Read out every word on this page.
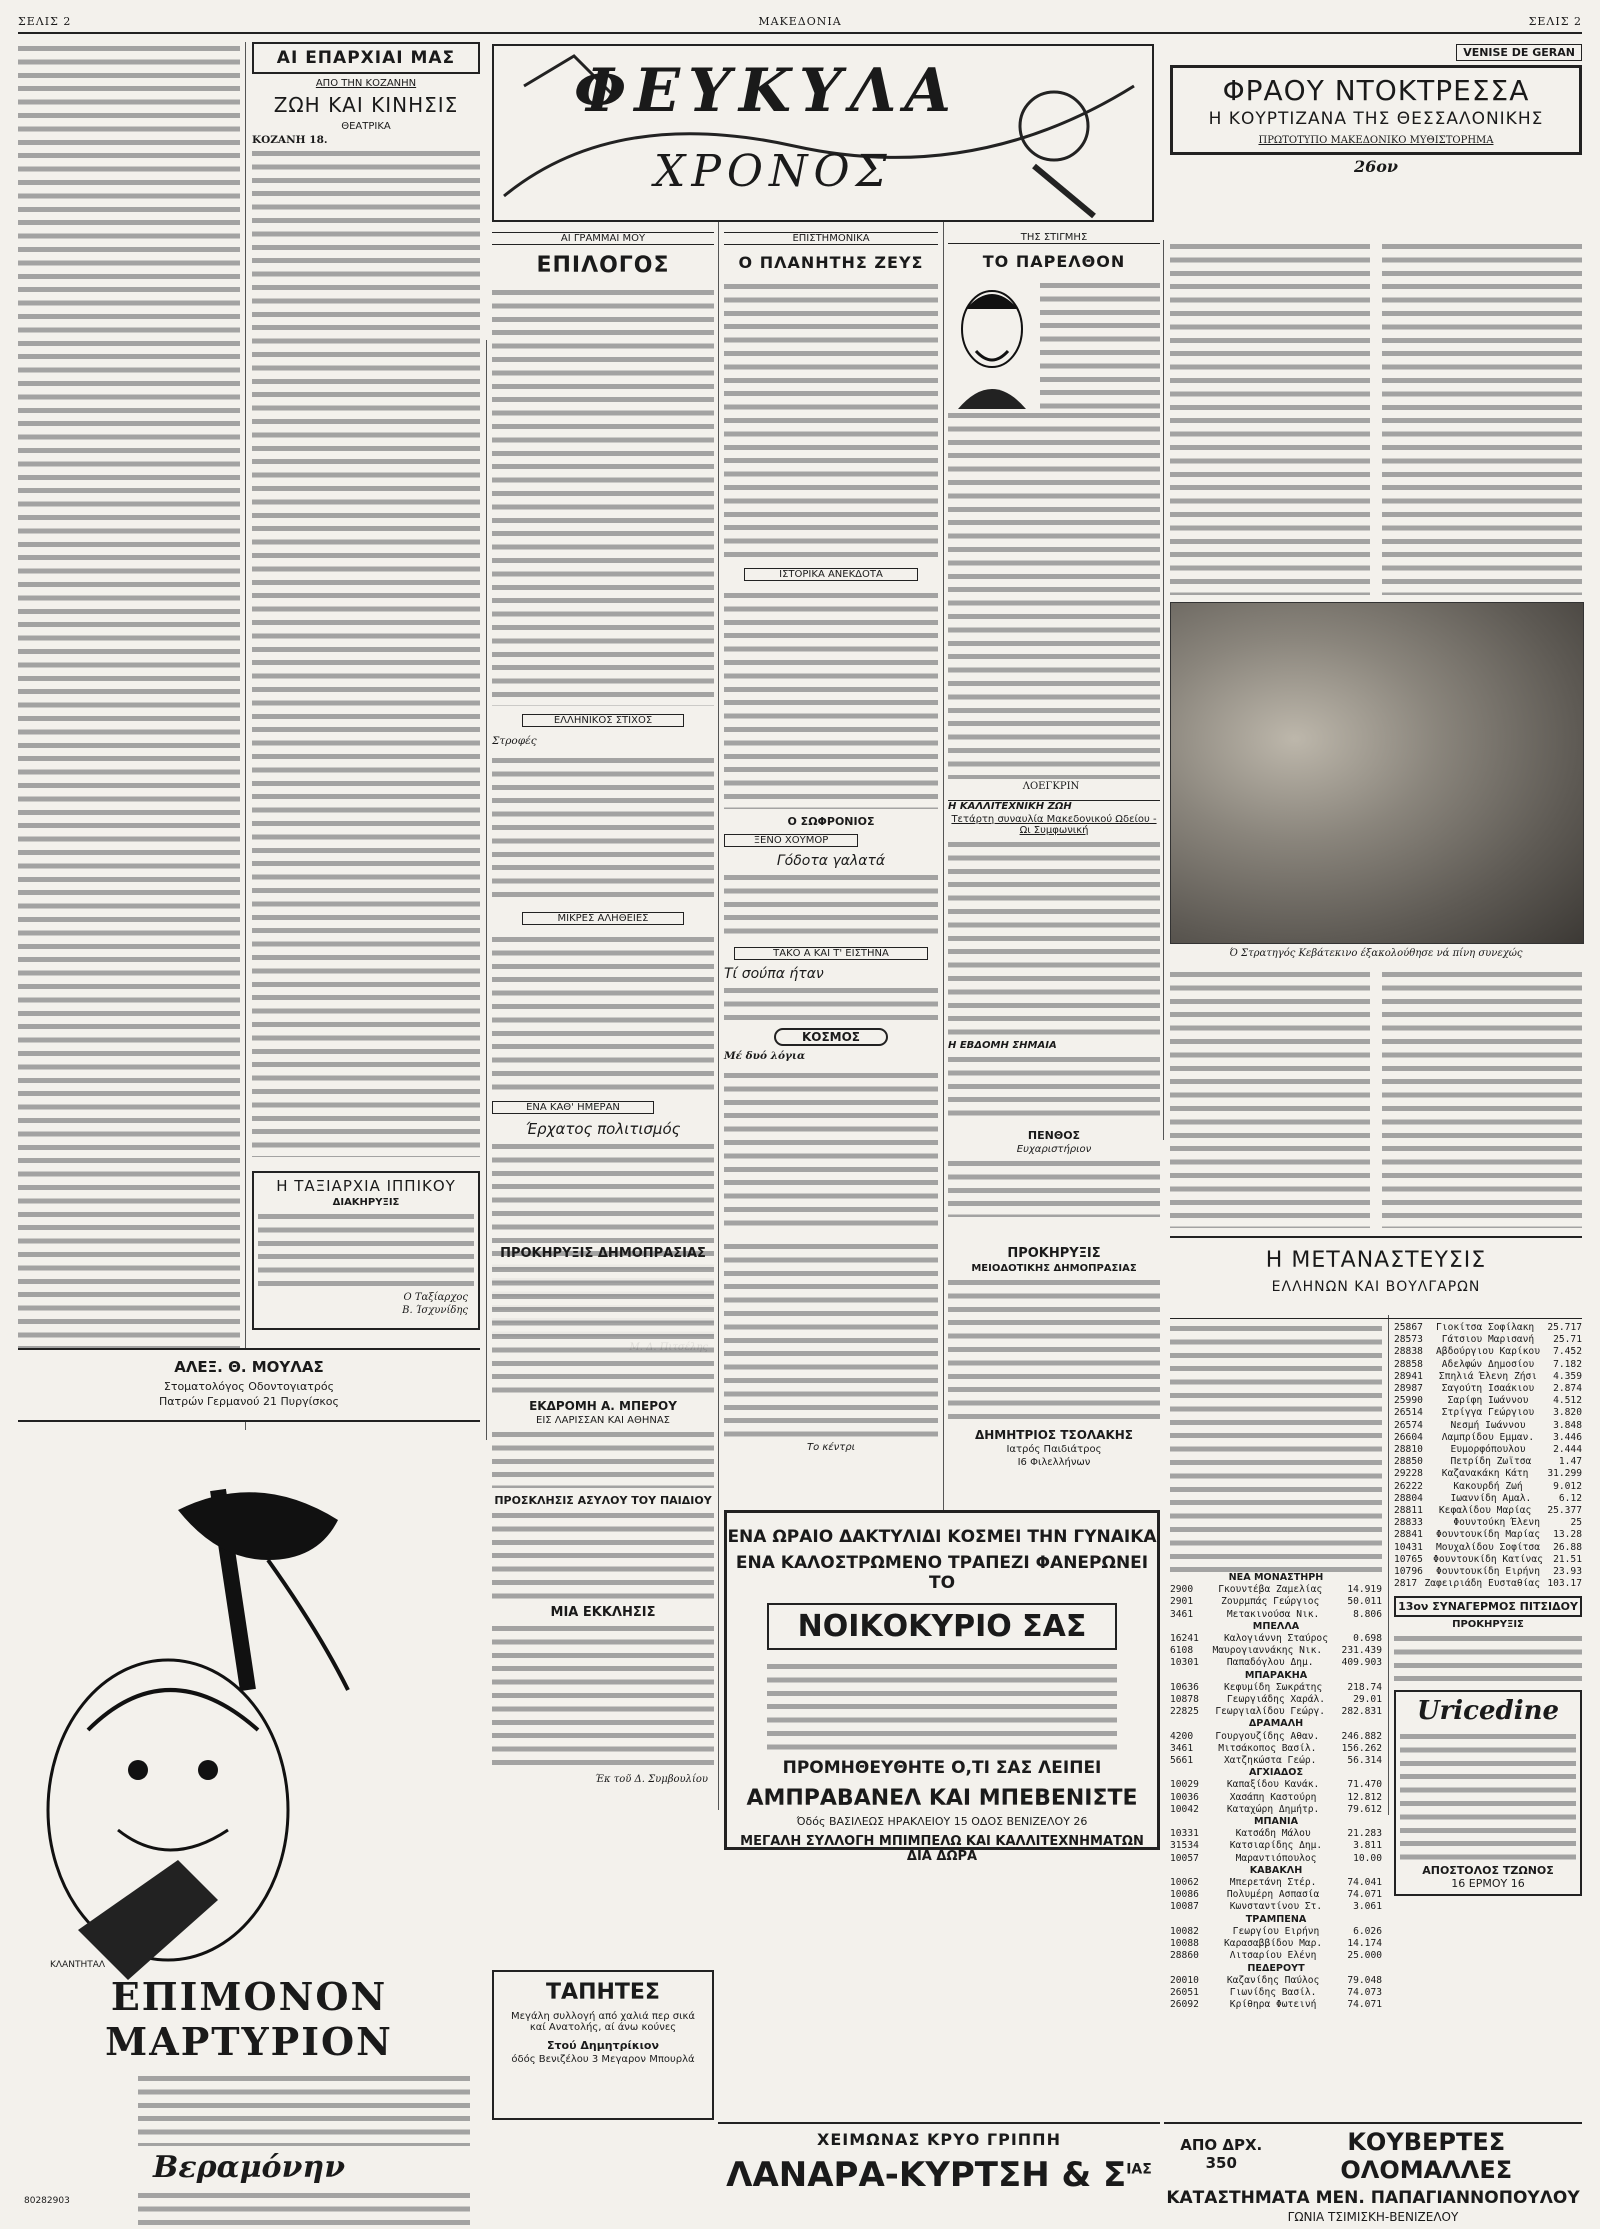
ΣΕΛΙΣ 2	ΜΑΚΕΔΟΝΙΑ	ΣΕΛΙΣ 2
ΑΙ ΕΠΑΡΧΙΑΙ ΜΑΣ
ΑΠΟ ΤΗΝ ΚΟΖΑΝΗΝ
ΖΩΗ ΚΑΙ ΚΙΝΗΣΙΣ
ΘΕΑΤΡΙΚΑ
ΚΟΖΑΝΗ 18.
Η ΤΑΞΙΑΡΧΙΑ ΙΠΠΙΚΟΥ
ΔΙΑΚΗΡΥΞΙΣ
Ο Ταξίαρχος
Β. Ίσχυνίδης
ΑΛΕΞ. Θ. ΜΟΥΛΑΣ
Στοματολόγος Οδοντογιατρός
Πατρών Γερμανού 21 Πυργίσκος
ΕΠΙΜΟΝΟΝ ΜΑΡΤΥΡΙΟΝ
Βεραμόνην
80282903
ΚΛΑΝΤΗΤΑΛ
ΦΕΥΚΥΛΑ
ΧΡΟΝΟΣ
ΑΙ ΓΡΑΜΜΑΙ ΜΟΥ
ΕΠΙΛΟΓΟΣ
ΕΛΛΗΝΙΚΟΣ ΣΤΙΧΟΣ
Στροφές
ΜΙΚΡΕΣ ΑΛΗΘΕΙΕΣ
ΕΝΑ ΚΑΘ' ΗΜΕΡΑΝ
Έρχατος πολιτισμός
ΠΡΟΚΗΡΥΞΙΣ ΔΗΜΟΠΡΑΣΙΑΣ
ΕΚΔΡΟΜΗ Α. ΜΠΕΡΟΥ
ΕΙΣ ΛΑΡΙΣΣΑΝ ΚΑΙ ΑΘΗΝΑΣ
ΠΡΟΣΚΛΗΣΙΣ ΑΣΥΛΟΥ ΤΟΥ ΠΑΙΔΙΟΥ
ΜΙΑ ΕΚΚΛΗΣΙΣ
Έκ τοῦ Δ. Συμβουλίου
ΤΑΠΗΤΕΣ
Μεγάλη συλλογή από χαλιά περ σικά καί Ανατολής, αί άνω κούνες
Στού Δημητρίκιον
όδός Βενιζέλου 3 Μεγαρον Μπουρλά
ΕΠΙΣΤΗΜΟΝΙΚΑ
Ο ΠΛΑΝΗΤΗΣ ΖΕΥΣ
ΙΣΤΟΡΙΚΑ ΑΝΕΚΔΟΤΑ
Ο ΣΩΦΡΟΝΙΟΣ
ΞΕΝΟ ΧΟΥΜΟΡ
Γόδοτα γαλατά
ΤΑΚΟ Α ΚΑΙ Τ' ΕΙΣΤΗΝΑ
Τί σούπα ήταν
ΚΟΣΜΟΣ
Μέ δυό λόγια
ΤΗΣ ΣΤΙΓΜΗΣ
ΤΟ ΠΑΡΕΛΘΟΝ
ΛΟΕΓΚΡΙΝ
Η ΚΑΛΛΙΤΕΧΝΙΚΗ ΖΩΗ
Τετάρτη συναυλία Μακεδονικού Ωδείου - Ωι Συμφωνική
Η ΕΒΔΟΜΗ ΣΗΜΑΙΑ
ΠΕΝΘΟΣ
Ευχαριστήριον
Το κέντρι
ΠΡΟΚΗΡΥΞΙΣ
ΜΕΙΟΔΟΤΙΚΗΣ ΔΗΜΟΠΡΑΣΙΑΣ
ΔΗΜΗΤΡΙΟΣ ΤΣΟΛΑΚΗΣ
Ιατρός Παιδιάτρος
Ι6 Φιλελλήνων
ΕΝΑ ΩΡΑΙΟ ΔΑΚΤΥΛΙΔΙ ΚΟΣΜΕΙ ΤΗΝ ΓΥΝΑΙΚΑ
ΕΝΑ ΚΑΛΟΣΤΡΩΜΕΝΟ ΤΡΑΠΕΖΙ ΦΑΝΕΡΩΝΕΙ ΤΟ
ΝΟΙΚΟΚΥΡΙΟ ΣΑΣ
ΠΡΟΜΗΘΕΥΘΗΤΕ Ο,ΤΙ ΣΑΣ ΛΕΙΠΕΙ
ΑΜΠΡΑΒΑΝΕΛ ΚΑΙ ΜΠΕΒΕΝΙΣΤΕ
Όδός ΒΑΣΙΛΕΩΣ ΗΡΑΚΛΕΙΟΥ 15 ΟΔΟΣ ΒΕΝΙΖΕΛΟΥ 26
ΜΕΓΑΛΗ ΣΥΛΛΟΓΗ ΜΠΙΜΠΕΛΩ ΚΑΙ ΚΑΛΛΙΤΕΧΝΗΜΑΤΩΝ ΔΙΑ ΔΩΡΑ
VENISE DE GERAN
ΦΡΑΟΥ ΝΤΟΚΤΡΕΣΣΑ
Η ΚΟΥΡΤΙΖΑΝΑ ΤΗΣ ΘΕΣΣΑΛΟΝΙΚΗΣ
ΠΡΩΤΟΤΥΠΟ ΜΑΚΕΔΟΝΙΚΟ ΜΥΘΙΣΤΟΡΗΜΑ
26ον
Ό Στρατηγός Κεβάτεκινο έξακολούθησε νά πίνη συνεχώς
Η ΜΕΤΑΝΑΣΤΕΥΣΙΣ
ΕΛΛΗΝΩΝ ΚΑΙ ΒΟΥΛΓΑΡΩΝ
ΝΕΑ ΜΟΝΑΣΤΗΡΗ
2900	Γκουντέβα Ζαμελίας	14.919
2901	Ζουρμπάς Γεώργιος	50.011
3461	Μετακινούσα Νικ.	8.806
ΜΠΕΛΛΑ
16241	Καλογιάννη Σταύρος	0.698
6108 Μαυρογιαννάκης Νικ. 231.439
10301	Παπαδόγλου Δημ.	409.903
ΜΠΑΡΑΚΗΑ
10636	Κεφυμίδη Σωκράτης	218.74
10878	Γεωργιάδης Χαράλ.	29.01
22825 Γεωργιαλίδου Γεώργ. 282.831
ΔΡΑΜΑΛΗ
4200 Γουργουζίδης Αθαν. 246.882
3461	Μιτσάκοπος Βασίλ.	156.262
5661	Χατζηκώστα Γεώρ.	56.314
ΑΓΧΙΑΔΟΣ
10029	Καπαξίδου Κανάκ.	71.470
10036	Χασάπη Καστούρη	12.812
10042	Καταχώρη Δημήτρ.	79.612
ΜΠΑΝΙΑ
10331	Κατσάδη Μάλου	21.283
31534	Κατσιαρίδης Δημ.	3.811
10057	Μαραντιόπουλος	10.00
ΚΑΒΑΚΛΗ
10062	Μπερετάνη Στέρ.	74.041
10086	Πολυμέρη Ασπασία	74.071
10087	Κωνσταντίνου Στ.	3.061
ΤΡΑΜΠΕΝΑ
10082	Γεωργίου Ειρήνη	6.026
10088	Καρασαββίδου Μαρ.	14.174
28860	Λιτσαρίου Ελένη	25.000
ΠΕΔΕΡΟΥΤ
20010	Καζανίδης Παύλος	79.048
26051	Γιωνίδης Βασίλ.	74.073
26092	Κρίθηρα Φωτεινή	74.071
25867 Γιοκίτσα Σοφίλακη 25.717
28573 Γάτσιου Μαρισανή 25.71
28838 Αβδούργιου Καρίκου 7.452
28858 Αδελφών Δημοσίου 7.182
28941 Σπηλιά Έλενη Ζήσι 4.359
28987 Σαγούτη Ισαάκιου 2.874
25990	Σαρίφη Ιωάννου	4.512
26514 Στρίγγα Γεώργιου 3.820
26574	Νεσμή Ιωάννου	3.848
26604 Λαμπρίδου Εμμαν. 3.446
28810	Ευμορφόπουλου	2.444
28850	Πετρίδη Ζωϊτσα	1.47
29228 Καζανακάκη Κάτη 31.299
26222	Κακουρδή Ζωή	9.012
28804	Ιωαννίδη Αμαλ.	6.12
28811 Κεφαλίδου Μαρίας 25.377
28833	Φουντούκη Έλενη	25
28841 Φουντουκίδη Μαρίας 13.28
10431 Μουχαλίδου Σοφίτσα 26.88
10765 Φουντουκίδη Κατίνας 21.51
10796 Φουντουκίδη Ειρήνη 23.93
2817 Ζαφειριάδη Ευσταθίας 103.17
13ον ΣΥΝΑΓΕΡΜΟΣ ΠΙΤΣΙΔΟΥ
ΠΡΟΚΗΡΥΞΙΣ
Uricedine
ΑΠΟΣΤΟΛΟΣ ΤΖΩΝΟΣ
16 ΕΡΜΟΥ 16
ΧΕΙΜΩΝΑΣ ΚΡΥΟ ΓΡΙΠΠΗ
ΛΑΝΑΡΑ-ΚΥΡΤΣΗ & $\Sigma^{IA\Sigma}$
ΑΠΟ ΔΡΧ. 350
ΚΟΥΒΕΡΤΕΣ ΟΛΟΜΑΛΛΕΣ
ΚΑΤΑΣΤΗΜΑΤΑ ΜΕΝ. ΠΑΠΑΓΙΑΝΝΟΠΟΥΛΟΥ
ΓΩΝΙΑ ΤΣΙΜΙΣΚΗ-ΒΕΝΙΖΕΛΟΥ
